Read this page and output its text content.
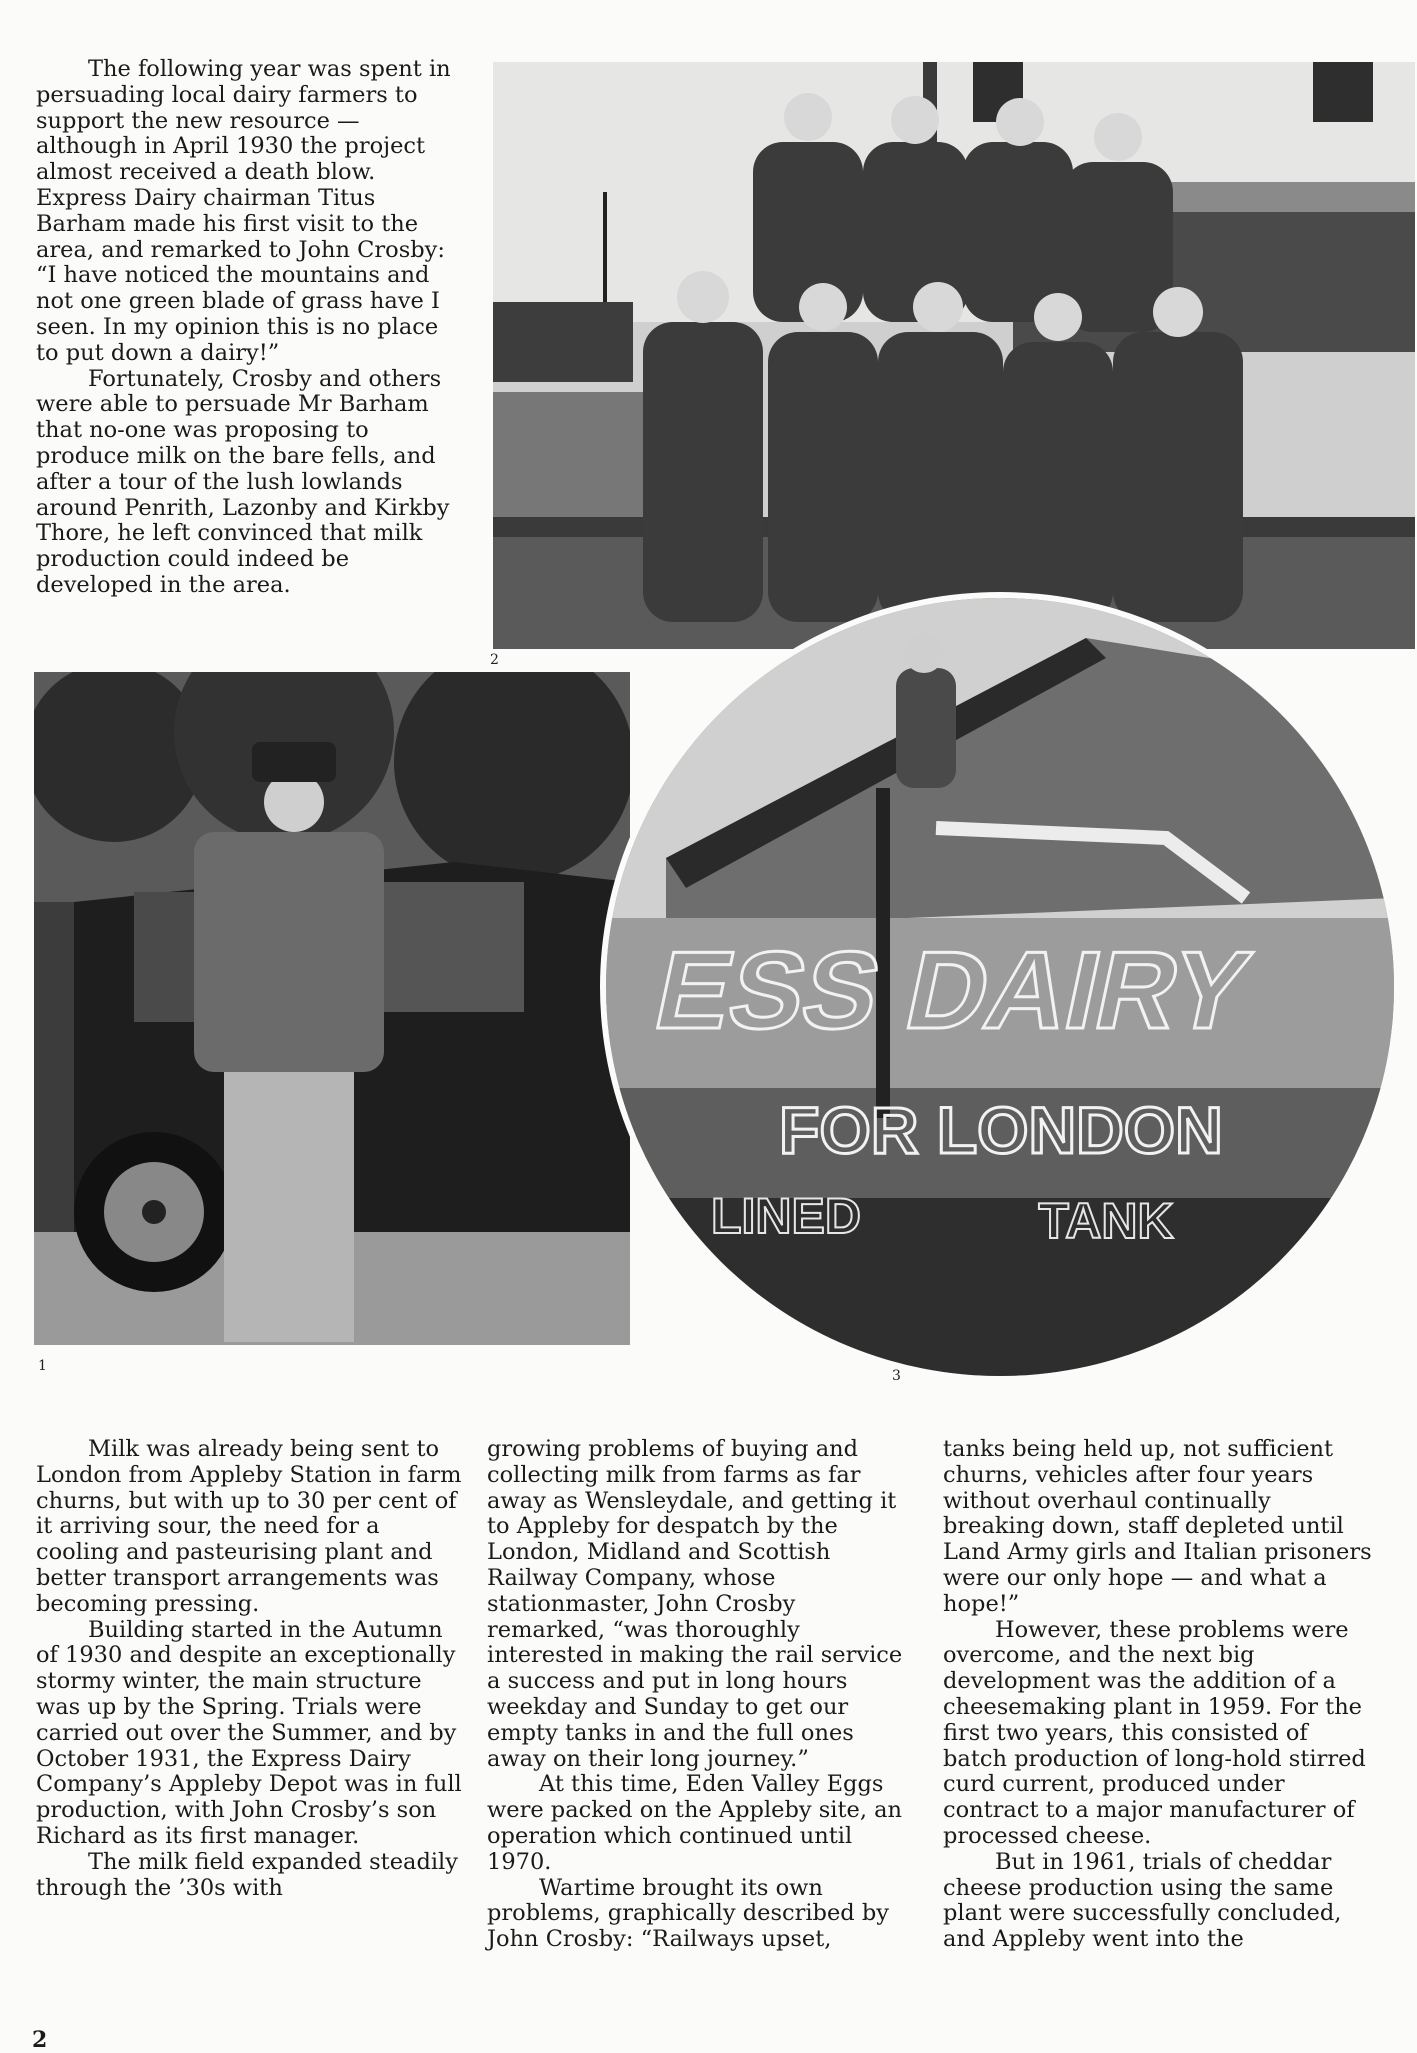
The following year was spent in persuading local dairy farmers to support the new resource — although in April 1930 the project almost received a death blow. Express Dairy chairman Titus Barham made his first visit to the area, and remarked to John Crosby: “I have noticed the mountains and not one green blade of grass have I seen. In my opinion this is no place to put down a dairy!”

Fortunately, Crosby and others were able to persuade Mr Barham that no-one was proposing to produce milk on the bare fells, and after a tour of the lush lowlands around Penrith, Lazonby and Kirkby Thore, he left convinced that milk production could indeed be developed in the area.

2
1
ESS DAIRY
FOR LONDON
LINED	TANK
3

Milk was already being sent to London from Appleby Station in farm churns, but with up to 30 per cent of it arriving sour, the need for a cooling and pasteurising plant and better transport arrangements was becoming pressing.

Building started in the Autumn of 1930 and despite an exceptionally stormy winter, the main structure was up by the Spring. Trials were carried out over the Summer, and by October 1931, the Express Dairy Company’s Appleby Depot was in full production, with John Crosby’s son Richard as its first manager.

The milk field expanded steadily through the ’30s with

growing problems of buying and collecting milk from farms as far away as Wensleydale, and getting it to Appleby for despatch by the London, Midland and Scottish Railway Company, whose stationmaster, John Crosby remarked, “was thoroughly interested in making the rail service a success and put in long hours weekday and Sunday to get our empty tanks in and the full ones away on their long journey.”

At this time, Eden Valley Eggs were packed on the Appleby site, an operation which continued until 1970.

Wartime brought its own problems, graphically described by John Crosby: “Railways upset,

tanks being held up, not sufficient churns, vehicles after four years without overhaul continually breaking down, staff depleted until Land Army girls and Italian prisoners were our only hope — and what a hope!”

However, these problems were overcome, and the next big development was the addition of a cheesemaking plant in 1959. For the first two years, this consisted of batch production of long-hold stirred curd current, produced under contract to a major manufacturer of processed cheese.

But in 1961, trials of cheddar cheese production using the same plant were successfully concluded, and Appleby went into the

2
